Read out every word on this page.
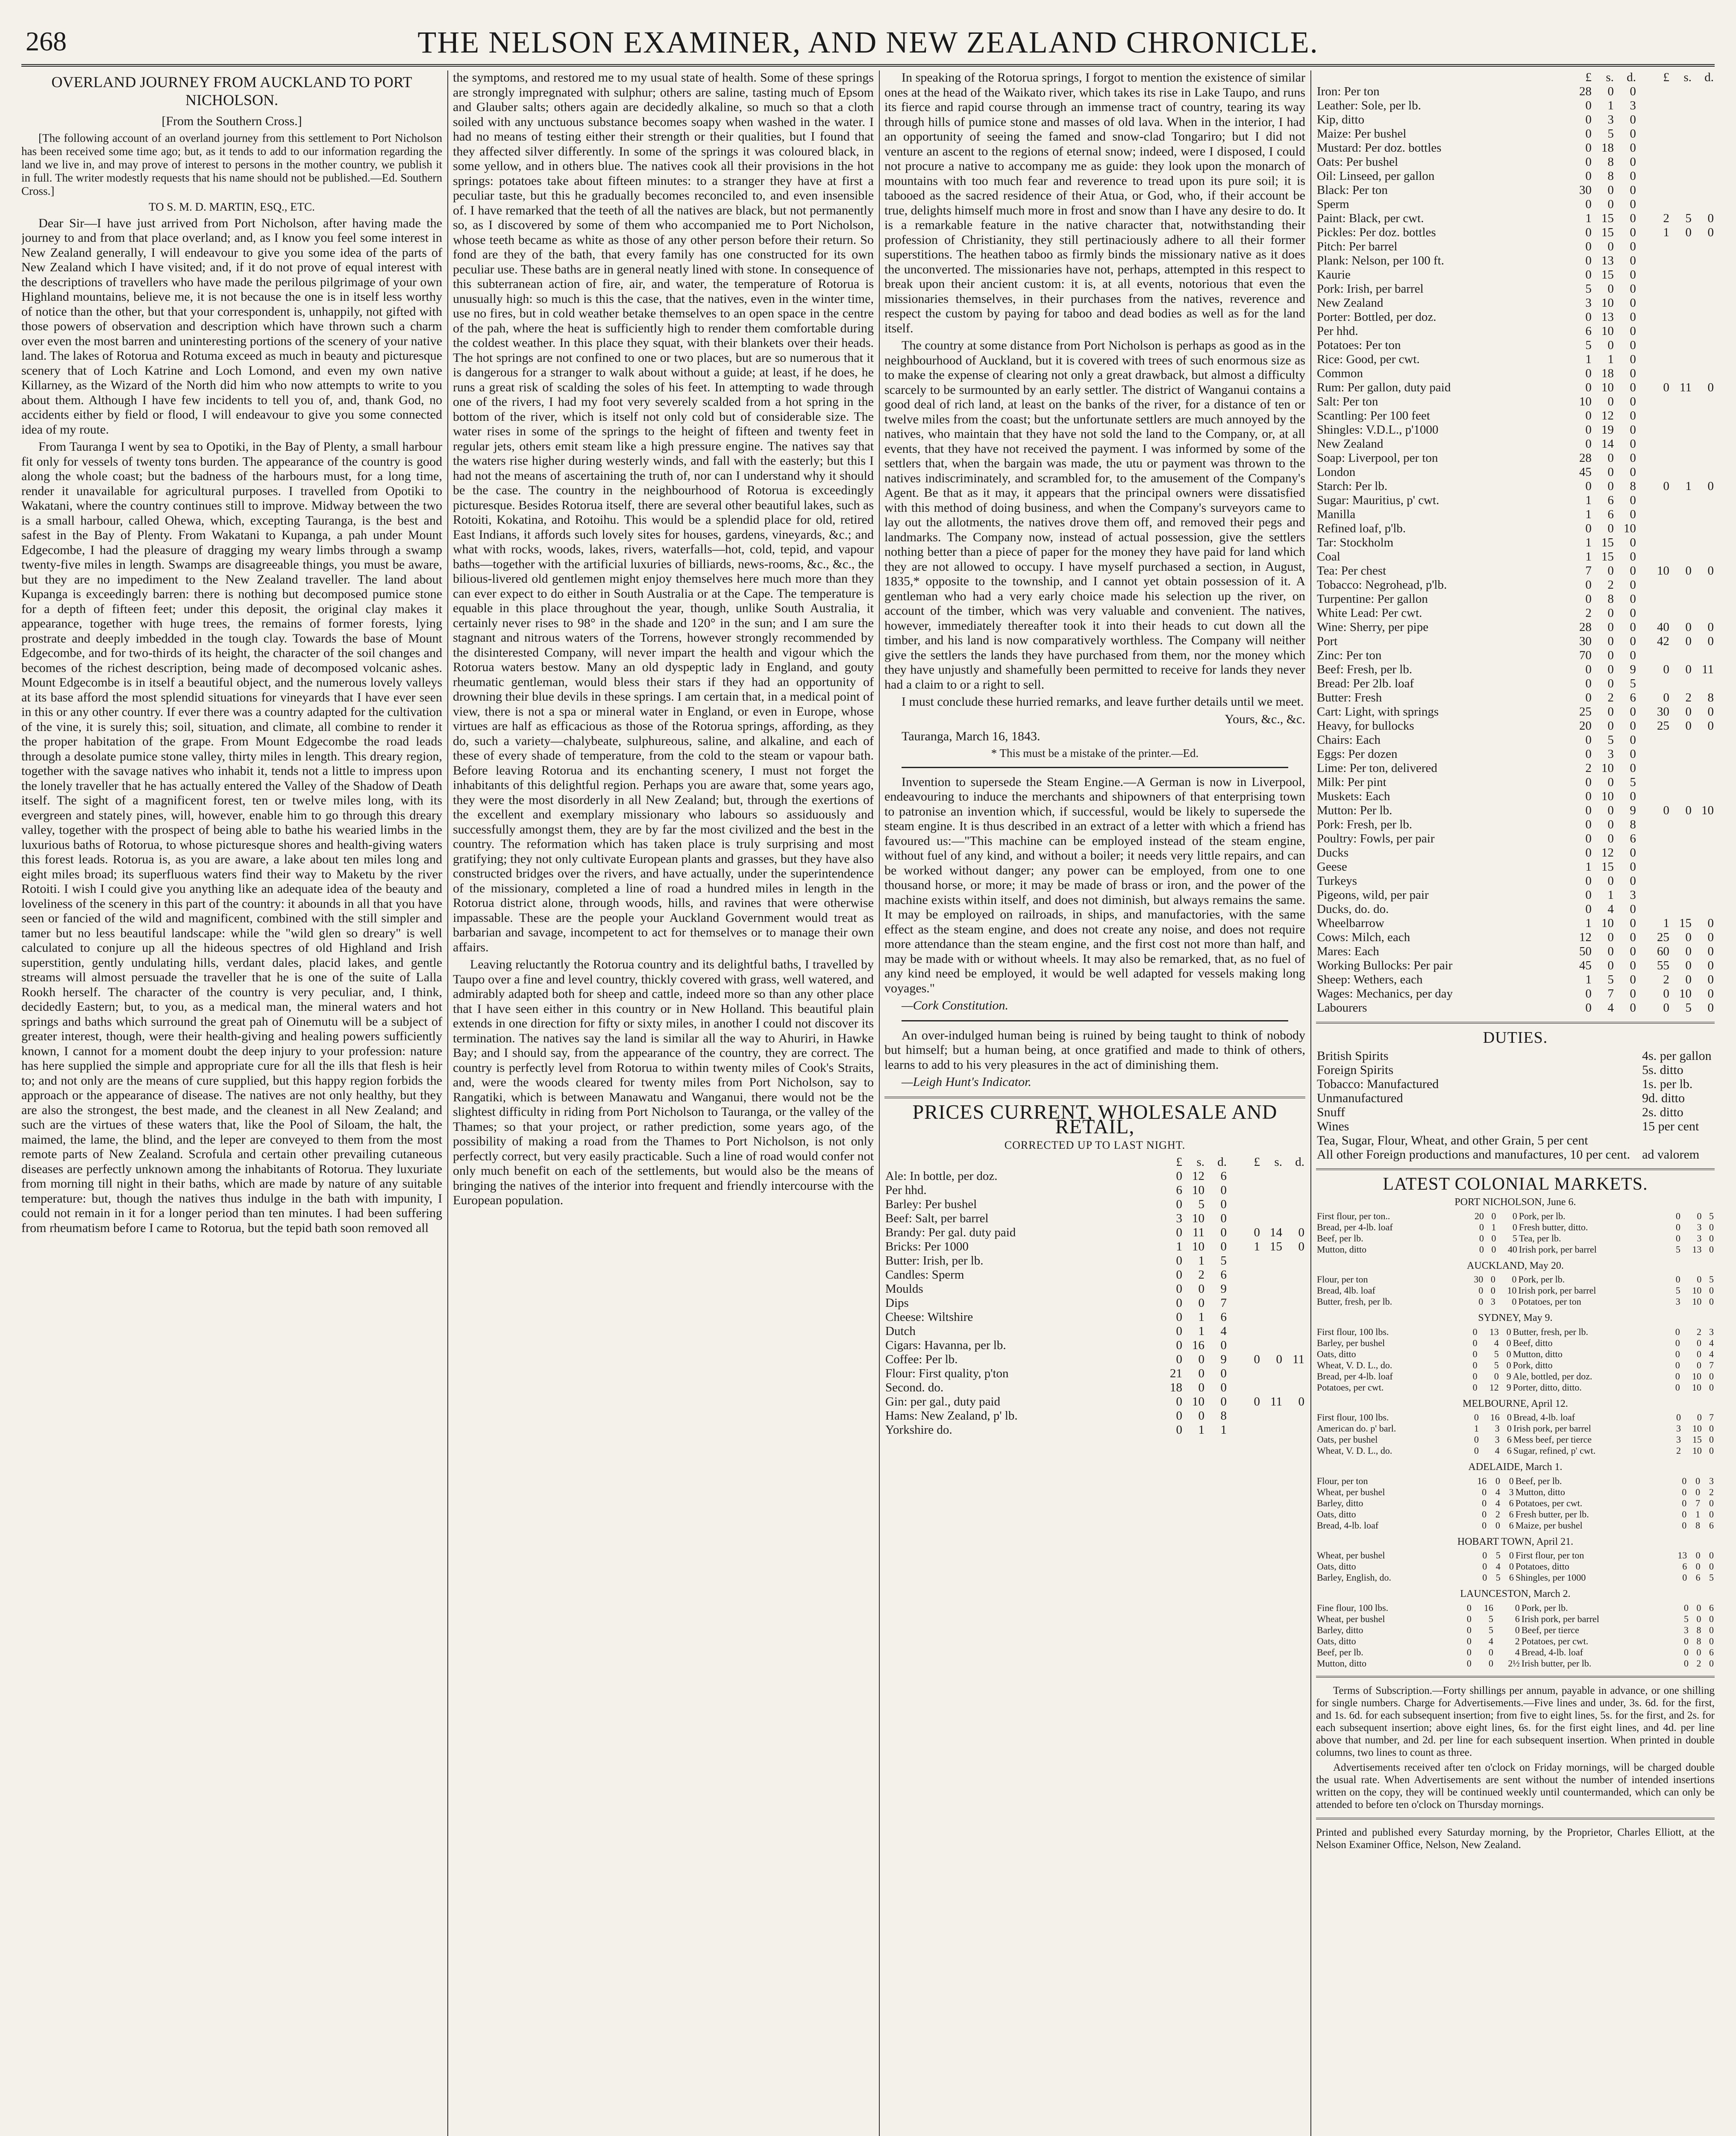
268	THE NELSON EXAMINER, AND NEW ZEALAND CHRONICLE.
OVERLAND JOURNEY FROM AUCKLAND TO PORT NICHOLSON.

[From the Southern Cross.]

[The following account of an overland journey from this settlement to Port Nicholson has been received some time ago; but, as it tends to add to our information regarding the land we live in, and may prove of interest to persons in the mother country, we publish it in full. The writer modestly requests that his name should not be published.—Ed. Southern Cross.]

TO S. M. D. MARTIN, ESQ., ETC.

Dear Sir—I have just arrived from Port Nicholson, after having made the journey to and from that place overland; and, as I know you feel some interest in New Zealand generally, I will endeavour to give you some idea of the parts of New Zealand which I have visited; and, if it do not prove of equal interest with the descriptions of travellers who have made the perilous pilgrimage of your own Highland mountains, believe me, it is not because the one is in itself less worthy of notice than the other, but that your correspondent is, unhappily, not gifted with those powers of observation and description which have thrown such a charm over even the most barren and uninteresting portions of the scenery of your native land. The lakes of Rotorua and Rotuma exceed as much in beauty and picturesque scenery that of Loch Katrine and Loch Lomond, and even my own native Killarney, as the Wizard of the North did him who now attempts to write to you about them. Although I have few incidents to tell you of, and, thank God, no accidents either by field or flood, I will endeavour to give you some connected idea of my route.

From Tauranga I went by sea to Opotiki, in the Bay of Plenty, a small harbour fit only for vessels of twenty tons burden. The appearance of the country is good along the whole coast; but the badness of the harbours must, for a long time, render it unavailable for agricultural purposes. I travelled from Opotiki to Wakatani, where the country continues still to improve. Midway between the two is a small harbour, called Ohewa, which, excepting Tauranga, is the best and safest in the Bay of Plenty. From Wakatani to Kupanga, a pah under Mount Edgecombe, I had the pleasure of dragging my weary limbs through a swamp twenty-five miles in length. Swamps are disagreeable things, you must be aware, but they are no impediment to the New Zealand traveller. The land about Kupanga is exceedingly barren: there is nothing but decomposed pumice stone for a depth of fifteen feet; under this deposit, the original clay makes it appearance, together with huge trees, the remains of former forests, lying prostrate and deeply imbedded in the tough clay. Towards the base of Mount Edgecombe, and for two-thirds of its height, the character of the soil changes and becomes of the richest description, being made of decomposed volcanic ashes. Mount Edgecombe is in itself a beautiful object, and the numerous lovely valleys at its base afford the most splendid situations for vineyards that I have ever seen in this or any other country. If ever there was a country adapted for the cultivation of the vine, it is surely this; soil, situation, and climate, all combine to render it the proper habitation of the grape. From Mount Edgecombe the road leads through a desolate pumice stone valley, thirty miles in length. This dreary region, together with the savage natives who inhabit it, tends not a little to impress upon the lonely traveller that he has actually entered the Valley of the Shadow of Death itself. The sight of a magnificent forest, ten or twelve miles long, with its evergreen and stately pines, will, however, enable him to go through this dreary valley, together with the prospect of being able to bathe his wearied limbs in the luxurious baths of Rotorua, to whose picturesque shores and health-giving waters this forest leads. Rotorua is, as you are aware, a lake about ten miles long and eight miles broad; its superfluous waters find their way to Maketu by the river Rotoiti. I wish I could give you anything like an adequate idea of the beauty and loveliness of the scenery in this part of the country: it abounds in all that you have seen or fancied of the wild and magnificent, combined with the still simpler and tamer but no less beautiful landscape: while the "wild glen so dreary" is well calculated to conjure up all the hideous spectres of old Highland and Irish superstition, gently undulating hills, verdant dales, placid lakes, and gentle streams will almost persuade the traveller that he is one of the suite of Lalla Rookh herself. The character of the country is very peculiar, and, I think, decidedly Eastern; but, to you, as a medical man, the mineral waters and hot springs and baths which surround the great pah of Oinemutu will be a subject of greater interest, though, were their health-giving and healing powers sufficiently known, I cannot for a moment doubt the deep injury to your profession: nature has here supplied the simple and appropriate cure for all the ills that flesh is heir to; and not only are the means of cure supplied, but this happy region forbids the approach or the appearance of disease. The natives are not only healthy, but they are also the strongest, the best made, and the cleanest in all New Zealand; and such are the virtues of these waters that, like the Pool of Siloam, the halt, the maimed, the lame, the blind, and the leper are conveyed to them from the most remote parts of New Zealand. Scrofula and certain other prevailing cutaneous diseases are perfectly unknown among the inhabitants of Rotorua. They luxuriate from morning till night in their baths, which are made by nature of any suitable temperature: but, though the natives thus indulge in the bath with impunity, I could not remain in it for a longer period than ten minutes. I had been suffering from rheumatism before I came to Rotorua, but the tepid bath soon removed all

the symptoms, and restored me to my usual state of health. Some of these springs are strongly impregnated with sulphur; others are saline, tasting much of Epsom and Glauber salts; others again are decidedly alkaline, so much so that a cloth soiled with any unctuous substance becomes soapy when washed in the water. I had no means of testing either their strength or their qualities, but I found that they affected silver differently. In some of the springs it was coloured black, in some yellow, and in others blue. The natives cook all their provisions in the hot springs: potatoes take about fifteen minutes: to a stranger they have at first a peculiar taste, but this he gradually becomes reconciled to, and even insensible of. I have remarked that the teeth of all the natives are black, but not permanently so, as I discovered by some of them who accompanied me to Port Nicholson, whose teeth became as white as those of any other person before their return. So fond are they of the bath, that every family has one constructed for its own peculiar use. These baths are in general neatly lined with stone. In consequence of this subterranean action of fire, air, and water, the temperature of Rotorua is unusually high: so much is this the case, that the natives, even in the winter time, use no fires, but in cold weather betake themselves to an open space in the centre of the pah, where the heat is sufficiently high to render them comfortable during the coldest weather. In this place they squat, with their blankets over their heads. The hot springs are not confined to one or two places, but are so numerous that it is dangerous for a stranger to walk about without a guide; at least, if he does, he runs a great risk of scalding the soles of his feet. In attempting to wade through one of the rivers, I had my foot very severely scalded from a hot spring in the bottom of the river, which is itself not only cold but of considerable size. The water rises in some of the springs to the height of fifteen and twenty feet in regular jets, others emit steam like a high pressure engine. The natives say that the waters rise higher during westerly winds, and fall with the easterly; but this I had not the means of ascertaining the truth of, nor can I understand why it should be the case. The country in the neighbourhood of Rotorua is exceedingly picturesque. Besides Rotorua itself, there are several other beautiful lakes, such as Rotoiti, Kokatina, and Rotoihu. This would be a splendid place for old, retired East Indians, it affords such lovely sites for houses, gardens, vineyards, &c.; and what with rocks, woods, lakes, rivers, waterfalls—hot, cold, tepid, and vapour baths—together with the artificial luxuries of billiards, news-rooms, &c., &c., the bilious-livered old gentlemen might enjoy themselves here much more than they can ever expect to do either in South Australia or at the Cape. The temperature is equable in this place throughout the year, though, unlike South Australia, it certainly never rises to 98° in the shade and 120° in the sun; and I am sure the stagnant and nitrous waters of the Torrens, however strongly recommended by the disinterested Company, will never impart the health and vigour which the Rotorua waters bestow. Many an old dyspeptic lady in England, and gouty rheumatic gentleman, would bless their stars if they had an opportunity of drowning their blue devils in these springs. I am certain that, in a medical point of view, there is not a spa or mineral water in England, or even in Europe, whose virtues are half as efficacious as those of the Rotorua springs, affording, as they do, such a variety—chalybeate, sulphureous, saline, and alkaline, and each of these of every shade of temperature, from the cold to the steam or vapour bath. Before leaving Rotorua and its enchanting scenery, I must not forget the inhabitants of this delightful region. Perhaps you are aware that, some years ago, they were the most disorderly in all New Zealand; but, through the exertions of the excellent and exemplary missionary who labours so assiduously and successfully amongst them, they are by far the most civilized and the best in the country. The reformation which has taken place is truly surprising and most gratifying; they not only cultivate European plants and grasses, but they have also constructed bridges over the rivers, and have actually, under the superintendence of the missionary, completed a line of road a hundred miles in length in the Rotorua district alone, through woods, hills, and ravines that were otherwise impassable. These are the people your Auckland Government would treat as barbarian and savage, incompetent to act for themselves or to manage their own affairs.

Leaving reluctantly the Rotorua country and its delightful baths, I travelled by Taupo over a fine and level country, thickly covered with grass, well watered, and admirably adapted both for sheep and cattle, indeed more so than any other place that I have seen either in this country or in New Holland. This beautiful plain extends in one direction for fifty or sixty miles, in another I could not discover its termination. The natives say the land is similar all the way to Ahuriri, in Hawke Bay; and I should say, from the appearance of the country, they are correct. The country is perfectly level from Rotorua to within twenty miles of Cook's Straits, and, were the woods cleared for twenty miles from Port Nicholson, say to Rangatiki, which is between Manawatu and Wanganui, there would not be the slightest difficulty in riding from Port Nicholson to Tauranga, or the valley of the Thames; so that your project, or rather prediction, some years ago, of the possibility of making a road from the Thames to Port Nicholson, is not only perfectly correct, but very easily practicable. Such a line of road would confer not only much benefit on each of the settlements, but would also be the means of bringing the natives of the interior into frequent and friendly intercourse with the European population.

In speaking of the Rotorua springs, I forgot to mention the existence of similar ones at the head of the Waikato river, which takes its rise in Lake Taupo, and runs its fierce and rapid course through an immense tract of country, tearing its way through hills of pumice stone and masses of old lava. When in the interior, I had an opportunity of seeing the famed and snow-clad Tongariro; but I did not venture an ascent to the regions of eternal snow; indeed, were I disposed, I could not procure a native to accompany me as guide: they look upon the monarch of mountains with too much fear and reverence to tread upon its pure soil; it is tabooed as the sacred residence of their Atua, or God, who, if their account be true, delights himself much more in frost and snow than I have any desire to do. It is a remarkable feature in the native character that, notwithstanding their profession of Christianity, they still pertinaciously adhere to all their former superstitions. The heathen taboo as firmly binds the missionary native as it does the unconverted. The missionaries have not, perhaps, attempted in this respect to break upon their ancient custom: it is, at all events, notorious that even the missionaries themselves, in their purchases from the natives, reverence and respect the custom by paying for taboo and dead bodies as well as for the land itself.

The country at some distance from Port Nicholson is perhaps as good as in the neighbourhood of Auckland, but it is covered with trees of such enormous size as to make the expense of clearing not only a great drawback, but almost a difficulty scarcely to be surmounted by an early settler. The district of Wanganui contains a good deal of rich land, at least on the banks of the river, for a distance of ten or twelve miles from the coast; but the unfortunate settlers are much annoyed by the natives, who maintain that they have not sold the land to the Company, or, at all events, that they have not received the payment. I was informed by some of the settlers that, when the bargain was made, the utu or payment was thrown to the natives indiscriminately, and scrambled for, to the amusement of the Company's Agent. Be that as it may, it appears that the principal owners were dissatisfied with this method of doing business, and when the Company's surveyors came to lay out the allotments, the natives drove them off, and removed their pegs and landmarks. The Company now, instead of actual possession, give the settlers nothing better than a piece of paper for the money they have paid for land which they are not allowed to occupy. I have myself purchased a section, in August, 1835,* opposite to the township, and I cannot yet obtain possession of it. A gentleman who had a very early choice made his selection up the river, on account of the timber, which was very valuable and convenient. The natives, however, immediately thereafter took it into their heads to cut down all the timber, and his land is now comparatively worthless. The Company will neither give the settlers the lands they have purchased from them, nor the money which they have unjustly and shamefully been permitted to receive for lands they never had a claim to or a right to sell.

I must conclude these hurried remarks, and leave further details until we meet.

Yours, &c., &c.

Tauranga, March 16, 1843.

* This must be a mistake of the printer.—Ed.

Invention to supersede the Steam Engine.—A German is now in Liverpool, endeavouring to induce the merchants and shipowners of that enterprising town to patronise an invention which, if successful, would be likely to supersede the steam engine. It is thus described in an extract of a letter with which a friend has favoured us:—"This machine can be employed instead of the steam engine, without fuel of any kind, and without a boiler; it needs very little repairs, and can be worked without danger; any power can be employed, from one to one thousand horse, or more; it may be made of brass or iron, and the power of the machine exists within itself, and does not diminish, but always remains the same. It may be employed on railroads, in ships, and manufactories, with the same effect as the steam engine, and does not create any noise, and does not require more attendance than the steam engine, and the first cost not more than half, and may be made with or without wheels. It may also be remarked, that, as no fuel of any kind need be employed, it would be well adapted for vessels making long voyages."

—Cork Constitution.

An over-indulged human being is ruined by being taught to think of nobody but himself; but a human being, at once gratified and made to think of others, learns to add to his very pleasures in the act of diminishing them.

—Leigh Hunt's Indicator.

PRICES CURRENT, WHOLESALE AND RETAIL,
CORRECTED UP TO LAST NIGHT.
	£	s.	d.		£	s.	d.
Ale: In bottle, per doz.	0	12	6				
Per hhd.	6	10	0				
Barley: Per bushel	0	5	0				
Beef: Salt, per barrel	3	10	0				
Brandy: Per gal. duty paid	0	11	0		0	14	0
Bricks: Per 1000	1	10	0		1	15	0
Butter: Irish, per lb.	0	1	5				
Candles: Sperm	0	2	6				
Moulds	0	0	9				
Dips	0	0	7				
Cheese: Wiltshire	0	1	6				
Dutch	0	1	4				
Cigars: Havanna, per lb.	0	16	0				
Coffee: Per lb.	0	0	9		0	0	11
Flour: First quality, p'ton	21	0	0				
Second. do.	18	0	0				
Gin: per gal., duty paid	0	10	0		0	11	0
Hams: New Zealand, p' lb.	0	0	8				
Yorkshire do.	0	1	1				
	£	s.	d.		£	s.	d.
Iron: Per ton	28	0	0				
Leather: Sole, per lb.	0	1	3				
Kip, ditto	0	3	0				
Maize: Per bushel	0	5	0				
Mustard: Per doz. bottles	0	18	0				
Oats: Per bushel	0	8	0				
Oil: Linseed, per gallon	0	8	0				
Black: Per ton	30	0	0				
Sperm	0	0	0				
Paint: Black, per cwt.	1	15	0		2	5	0
Pickles: Per doz. bottles	0	15	0		1	0	0
Pitch: Per barrel	0	0	0				
Plank: Nelson, per 100 ft.	0	13	0				
Kaurie	0	15	0				
Pork: Irish, per barrel	5	0	0				
New Zealand	3	10	0				
Porter: Bottled, per doz.	0	13	0				
Per hhd.	6	10	0				
Potatoes: Per ton	5	0	0				
Rice: Good, per cwt.	1	1	0				
Common	0	18	0				
Rum: Per gallon, duty paid	0	10	0		0	11	0
Salt: Per ton	10	0	0				
Scantling: Per 100 feet	0	12	0				
Shingles: V.D.L., p'1000	0	19	0				
New Zealand	0	14	0				
Soap: Liverpool, per ton	28	0	0				
London	45	0	0				
Starch: Per lb.	0	0	8		0	1	0
Sugar: Mauritius, p' cwt.	1	6	0				
Manilla	1	6	0				
Refined loaf, p'lb.	0	0	10				
Tar: Stockholm	1	15	0				
Coal	1	15	0				
Tea: Per chest	7	0	0		10	0	0
Tobacco: Negrohead, p'lb.	0	2	0				
Turpentine: Per gallon	0	8	0				
White Lead: Per cwt.	2	0	0				
Wine: Sherry, per pipe	28	0	0		40	0	0
Port	30	0	0		42	0	0
Zinc: Per ton	70	0	0				
Beef: Fresh, per lb.	0	0	9		0	0	11
Bread: Per 2lb. loaf	0	0	5				
Butter: Fresh	0	2	6		0	2	8
Cart: Light, with springs	25	0	0		30	0	0
Heavy, for bullocks	20	0	0		25	0	0
Chairs: Each	0	5	0				
Eggs: Per dozen	0	3	0				
Lime: Per ton, delivered	2	10	0				
Milk: Per pint	0	0	5				
Muskets: Each	0	10	0				
Mutton: Per lb.	0	0	9		0	0	10
Pork: Fresh, per lb.	0	0	8				
Poultry: Fowls, per pair	0	0	6				
Ducks	0	12	0				
Geese	1	15	0				
Turkeys	0	0	0				
Pigeons, wild, per pair	0	1	3				
Ducks, do. do.	0	4	0				
Wheelbarrow	1	10	0		1	15	0
Cows: Milch, each	12	0	0		25	0	0
Mares: Each	50	0	0		60	0	0
Working Bullocks: Per pair	45	0	0		55	0	0
Sheep: Wethers, each	1	5	0		2	0	0
Wages: Mechanics, per day	0	7	0		0	10	0
Labourers	0	4	0		0	5	0
DUTIES.
British Spirits	4s. per gallon
Foreign Spirits	5s. ditto
Tobacco: Manufactured	1s. per lb.
Unmanufactured	9d. ditto
Snuff	2s. ditto
Wines	15 per cent
Tea, Sugar, Flour, Wheat, and other Grain, 5 per cent	
All other Foreign productions and manufactures, 10 per cent.	ad valorem
LATEST COLONIAL MARKETS.
PORT NICHOLSON, June 6.
First flour, per ton..	20	0	0	Pork, per lb.	0	0	5
Bread, per 4-lb. loaf	0	1	0	Fresh butter, ditto.	0	3	0
Beef, per lb.	0	0	5	Tea, per lb.	0	3	0
Mutton, ditto	0	0	40	Irish pork, per barrel	5	13	0
AUCKLAND, May 20.
Flour, per ton	30	0	0	Pork, per lb.	0	0	5
Bread, 4lb. loaf	0	0	10	Irish pork, per barrel	5	10	0
Butter, fresh, per lb.	0	3	0	Potatoes, per ton	3	10	0
SYDNEY, May 9.
First flour, 100 lbs.	0	13	0	Butter, fresh, per lb.	0	2	3
Barley, per bushel	0	4	0	Beef, ditto	0	0	4
Oats, ditto	0	5	0	Mutton, ditto	0	0	4
Wheat, V. D. L., do.	0	5	0	Pork, ditto	0	0	7
Bread, per 4-lb. loaf	0	0	9	Ale, bottled, per doz.	0	10	0
Potatoes, per cwt.	0	12	9	Porter, ditto, ditto.	0	10	0
MELBOURNE, April 12.
First flour, 100 lbs.	0	16	0	Bread, 4-lb. loaf	0	0	7
American do. p' barl.	1	3	0	Irish pork, per barrel	3	10	0
Oats, per bushel	0	3	6	Mess beef, per tierce	3	15	0
Wheat, V. D. L., do.	0	4	6	Sugar, refined, p' cwt.	2	10	0
ADELAIDE, March 1.
Flour, per ton	16	0	0	Beef, per lb.	0	0	3
Wheat, per bushel	0	4	3	Mutton, ditto	0	0	2
Barley, ditto	0	4	6	Potatoes, per cwt.	0	7	0
Oats, ditto	0	2	6	Fresh butter, per lb.	0	1	0
Bread, 4-lb. loaf	0	0	6	Maize, per bushel	0	8	6
HOBART TOWN, April 21.
Wheat, per bushel	0	5	0	First flour, per ton	13	0	0
Oats, ditto	0	4	0	Potatoes, ditto	6	0	0
Barley, English, do.	0	5	6	Shingles, per 1000	0	6	5
LAUNCESTON, March 2.
Fine flour, 100 lbs.	0	16	0	Pork, per lb.	0	0	6
Wheat, per bushel	0	5	6	Irish pork, per barrel	5	0	0
Barley, ditto	0	5	0	Beef, per tierce	3	8	0
Oats, ditto	0	4	2	Potatoes, per cwt.	0	8	0
Beef, per lb.	0	0	4	Bread, 4-lb. loaf	0	0	6
Mutton, ditto	0	0	2½	Irish butter, per lb.	0	2	0

Terms of Subscription.—Forty shillings per annum, payable in advance, or one shilling for single numbers. Charge for Advertisements.—Five lines and under, 3s. 6d. for the first, and 1s. 6d. for each subsequent insertion; from five to eight lines, 5s. for the first, and 2s. for each subsequent insertion; above eight lines, 6s. for the first eight lines, and 4d. per line above that number, and 2d. per line for each subsequent insertion. When printed in double columns, two lines to count as three.

Advertisements received after ten o'clock on Friday mornings, will be charged double the usual rate. When Advertisements are sent without the number of intended insertions written on the copy, they will be continued weekly until countermanded, which can only be attended to before ten o'clock on Thursday mornings.

Printed and published every Saturday morning, by the Proprietor, Charles Elliott, at the Nelson Examiner Office, Nelson, New Zealand.
